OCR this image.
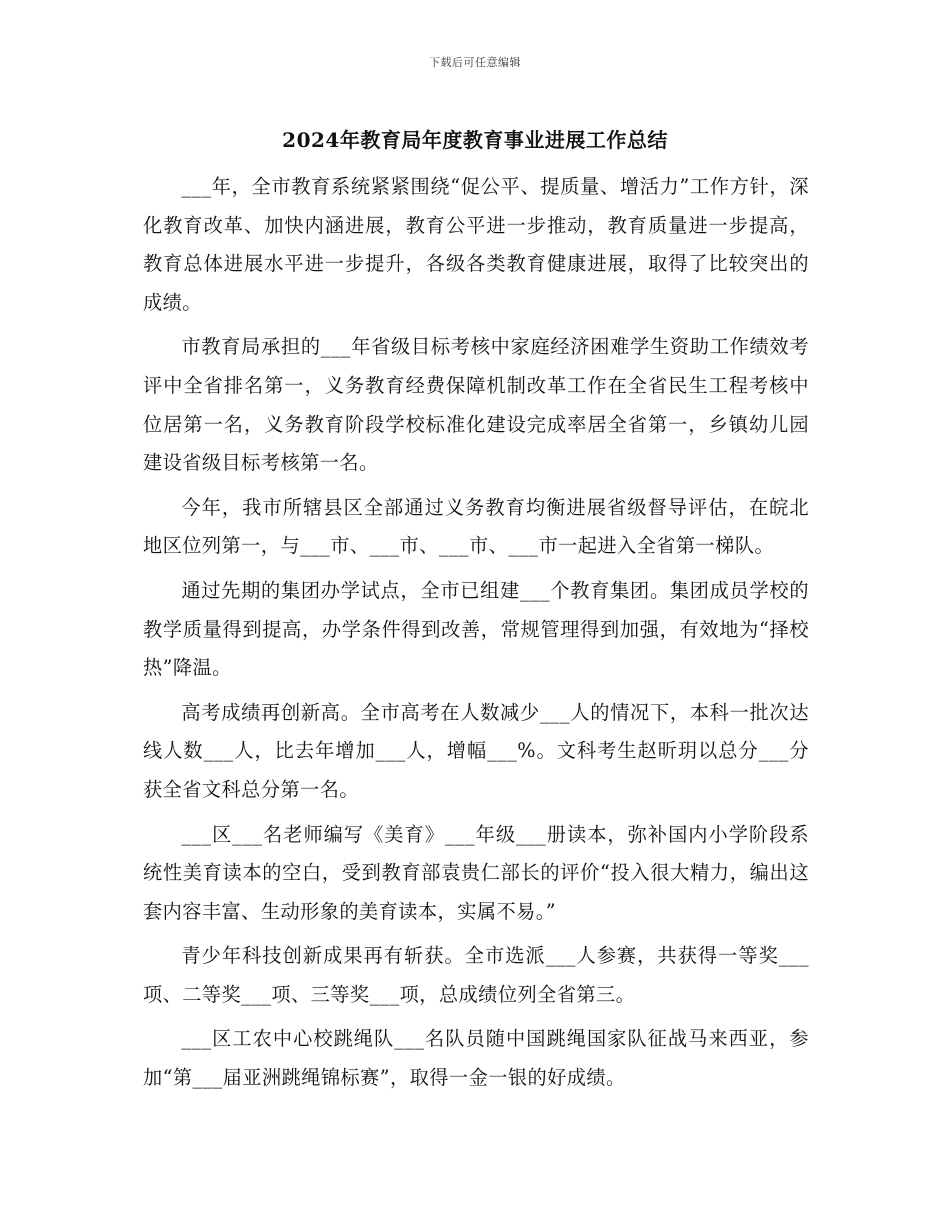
下载后可任意编辑
2024年教育局年度教育事业进展工作总结

___年，全市教育系统紧紧围绕“促公平、提质量、增活力”工作方针，深化教育改革、加快内涵进展，教育公平进一步推动，教育质量进一步提高，教育总体进展水平进一步提升，各级各类教育健康进展，取得了比较突出的成绩。

市教育局承担的___年省级目标考核中家庭经济困难学生资助工作绩效考评中全省排名第一，义务教育经费保障机制改革工作在全省民生工程考核中位居第一名，义务教育阶段学校标准化建设完成率居全省第一，乡镇幼儿园建设省级目标考核第一名。

今年，我市所辖县区全部通过义务教育均衡进展省级督导评估，在皖北地区位列第一，与___市、___市、___市、___市一起进入全省第一梯队。

通过先期的集团办学试点，全市已组建___个教育集团。集团成员学校的教学质量得到提高，办学条件得到改善，常规管理得到加强，有效地为“择校热”降温。

高考成绩再创新高。全市高考在人数减少___人的情况下，本科一批次达线人数___人，比去年增加___人，增幅___%。文科考生赵昕玥以总分___分获全省文科总分第一名。

___区___名老师编写《美育》___年级___册读本，弥补国内小学阶段系统性美育读本的空白，受到教育部袁贵仁部长的评价“投入很大精力，编出这套内容丰富、生动形象的美育读本，实属不易。”

青少年科技创新成果再有斩获。全市选派___人参赛，共获得一等奖___项、二等奖___项、三等奖___项，总成绩位列全省第三。

___区工农中心校跳绳队___名队员随中国跳绳国家队征战马来西亚，参加“第___届亚洲跳绳锦标赛”，取得一金一银的好成绩。
